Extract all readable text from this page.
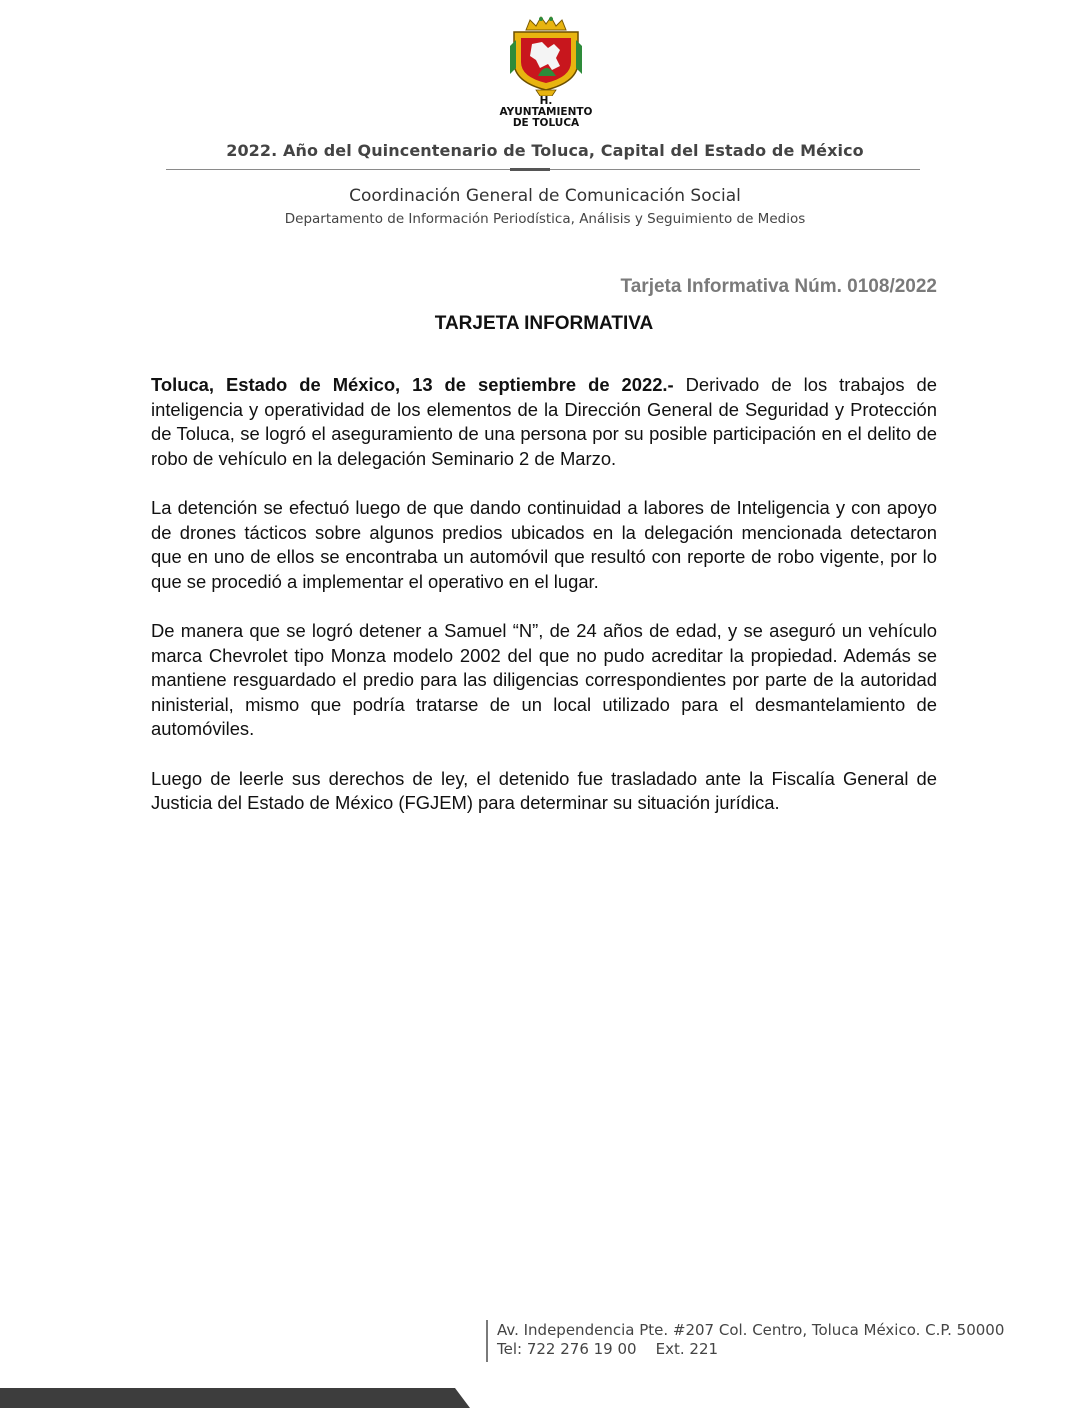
H. AYUNTAMIENTO
DE TOLUCA
2022. Año del Quincentenario de Toluca, Capital del Estado de México
Coordinación General de Comunicación Social
Departamento de Información Periodística, Análisis y Seguimiento de Medios
Tarjeta Informativa Núm. 0108/2022
TARJETA INFORMATIVA

Toluca, Estado de México, 13 de septiembre de 2022.- Derivado de los trabajos de inteligencia y operatividad de los elementos de la Dirección General de Seguridad y Protección de Toluca, se logró el aseguramiento de una persona por su posible participación en el delito de robo de vehículo en la delegación Seminario 2 de Marzo.

La detención se efectuó luego de que dando continuidad a labores de Inteligencia y con apoyo de drones tácticos sobre algunos predios ubicados en la delegación mencionada detectaron que en uno de ellos se encontraba un automóvil que resultó con reporte de robo vigente, por lo que se procedió a implementar el operativo en el lugar.

De manera que se logró detener a Samuel “N”, de 24 años de edad, y se aseguró un vehículo marca Chevrolet tipo Monza modelo 2002 del que no pudo acreditar la propiedad. Además se mantiene resguardado el predio para las diligencias correspondientes por parte de la autoridad ninisterial, mismo que podría tratarse de un local utilizado para el desmantelamiento de automóviles.

Luego de leerle sus derechos de ley, el detenido fue trasladado ante la Fiscalía General de Justicia del Estado de México (FGJEM) para determinar su situación jurídica.

Av. Independencia Pte. #207 Col. Centro, Toluca México. C.P. 50000
Tel: 722 276 19 00    Ext. 221
